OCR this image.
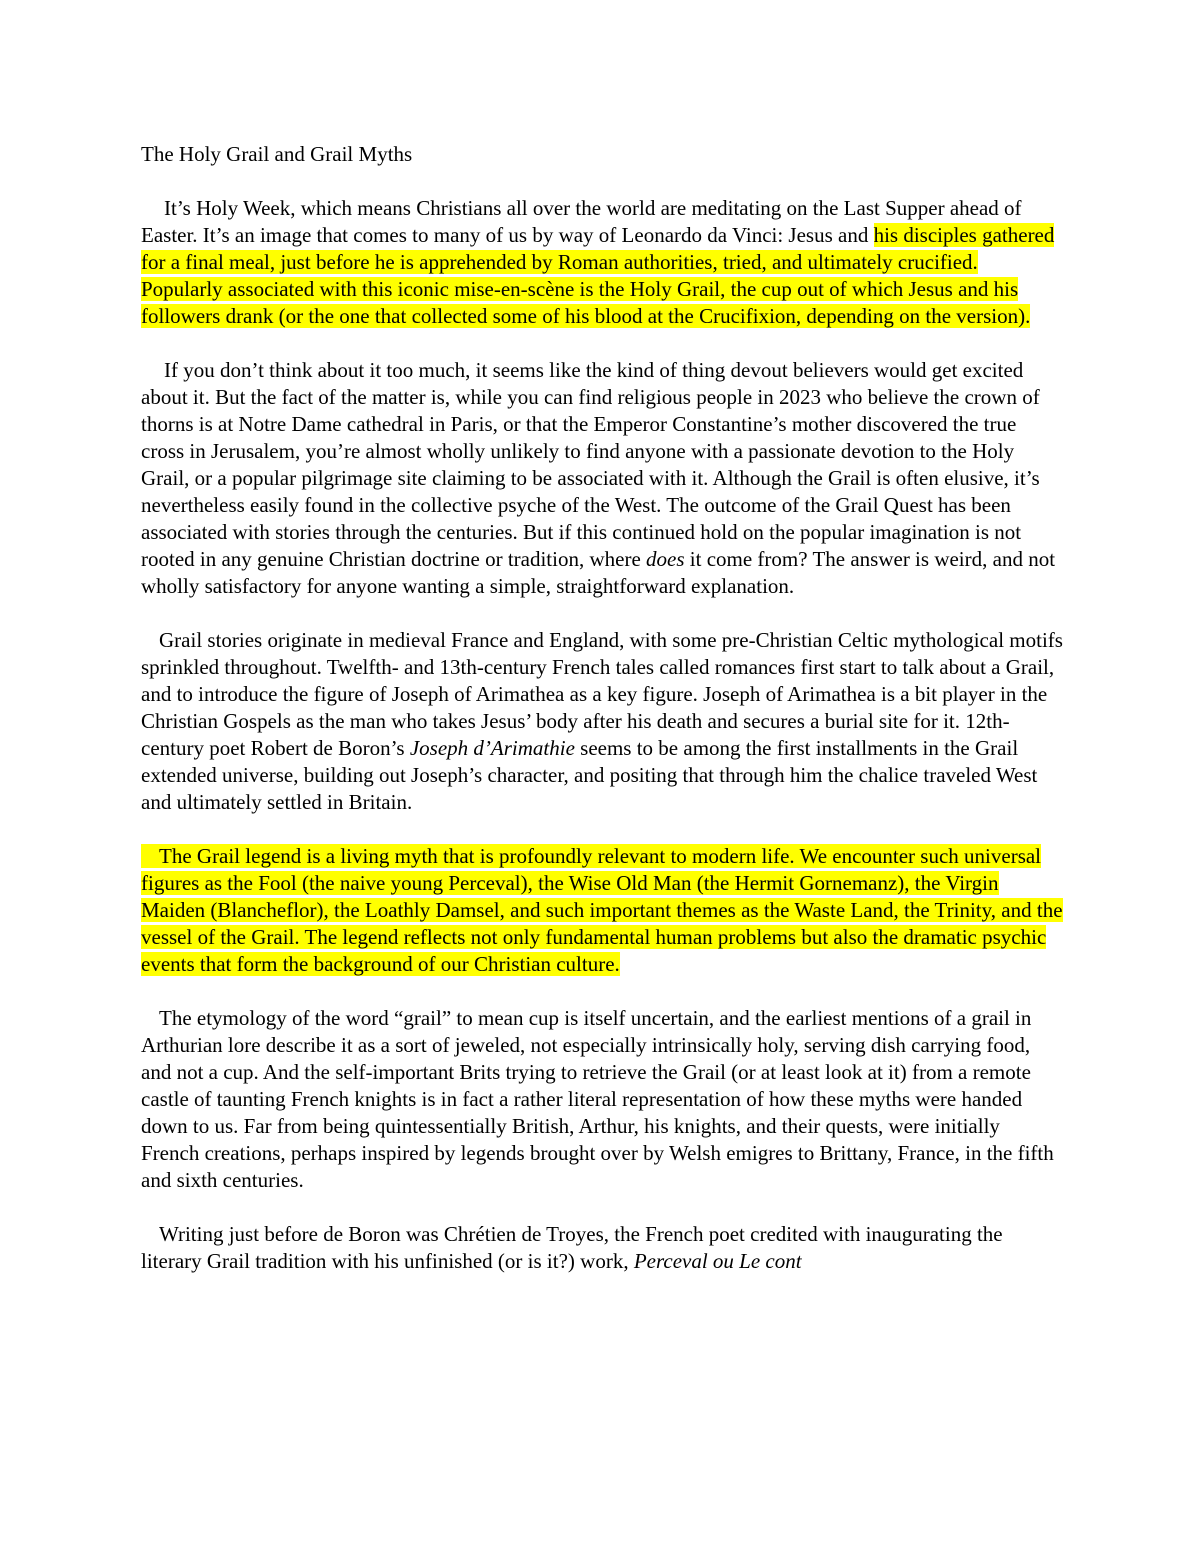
The Holy Grail and Grail Myths

It’s Holy Week, which means Christians all over the world are meditating on the Last Supper ahead of Easter. It’s an image that comes to many of us by way of Leonardo da Vinci: Jesus and his disciples gathered for a final meal, just before he is apprehended by Roman authorities, tried, and ultimately crucified. Popularly associated with this iconic mise-en-scène is the Holy Grail, the cup out of which Jesus and his followers drank (or the one that collected some of his blood at the Crucifixion, depending on the version).

If you don’t think about it too much, it seems like the kind of thing devout believers would get excited about it. But the fact of the matter is, while you can find religious people in 2023 who believe the crown of thorns is at Notre Dame cathedral in Paris, or that the Emperor Constantine’s mother discovered the true cross in Jerusalem, you’re almost wholly unlikely to find anyone with a passionate devotion to the Holy Grail, or a popular pilgrimage site claiming to be associated with it. Although the Grail is often elusive, it’s nevertheless easily found in the collective psyche of the West. The outcome of the Grail Quest has been associated with stories through the centuries. But if this continued hold on the popular imagination is not rooted in any genuine Christian doctrine or tradition, where does it come from? The answer is weird, and not wholly satisfactory for anyone wanting a simple, straightforward explanation.

Grail stories originate in medieval France and England, with some pre-Christian Celtic mythological motifs sprinkled throughout. Twelfth- and 13th-century French tales called romances first start to talk about a Grail, and to introduce the figure of Joseph of Arimathea as a key figure. Joseph of Arimathea is a bit player in the Christian Gospels as the man who takes Jesus’ body after his death and secures a burial site for it. 12th-century poet Robert de Boron’s Joseph d’Arimathie seems to be among the first installments in the Grail extended universe, building out Joseph’s character, and positing that through him the chalice traveled West and ultimately settled in Britain.

The Grail legend is a living myth that is profoundly relevant to modern life. We encounter such universal figures as the Fool (the naive young Perceval), the Wise Old Man (the Hermit Gornemanz), the Virgin Maiden (Blancheflor), the Loathly Damsel, and such important themes as the Waste Land, the Trinity, and the vessel of the Grail. The legend reflects not only fundamental human problems but also the dramatic psychic events that form the background of our Christian culture.

The etymology of the word “grail” to mean cup is itself uncertain, and the earliest mentions of a grail in Arthurian lore describe it as a sort of jeweled, not especially intrinsically holy, serving dish carrying food, and not a cup. And the self-important Brits trying to retrieve the Grail (or at least look at it) from a remote castle of taunting French knights is in fact a rather literal representation of how these myths were handed down to us. Far from being quintessentially British, Arthur, his knights, and their quests, were initially French creations, perhaps inspired by legends brought over by Welsh emigres to Brittany, France, in the fifth and sixth centuries.

Writing just before de Boron was Chrétien de Troyes, the French poet credited with inaugurating the literary Grail tradition with his unfinished (or is it?) work, Perceval ou Le cont
